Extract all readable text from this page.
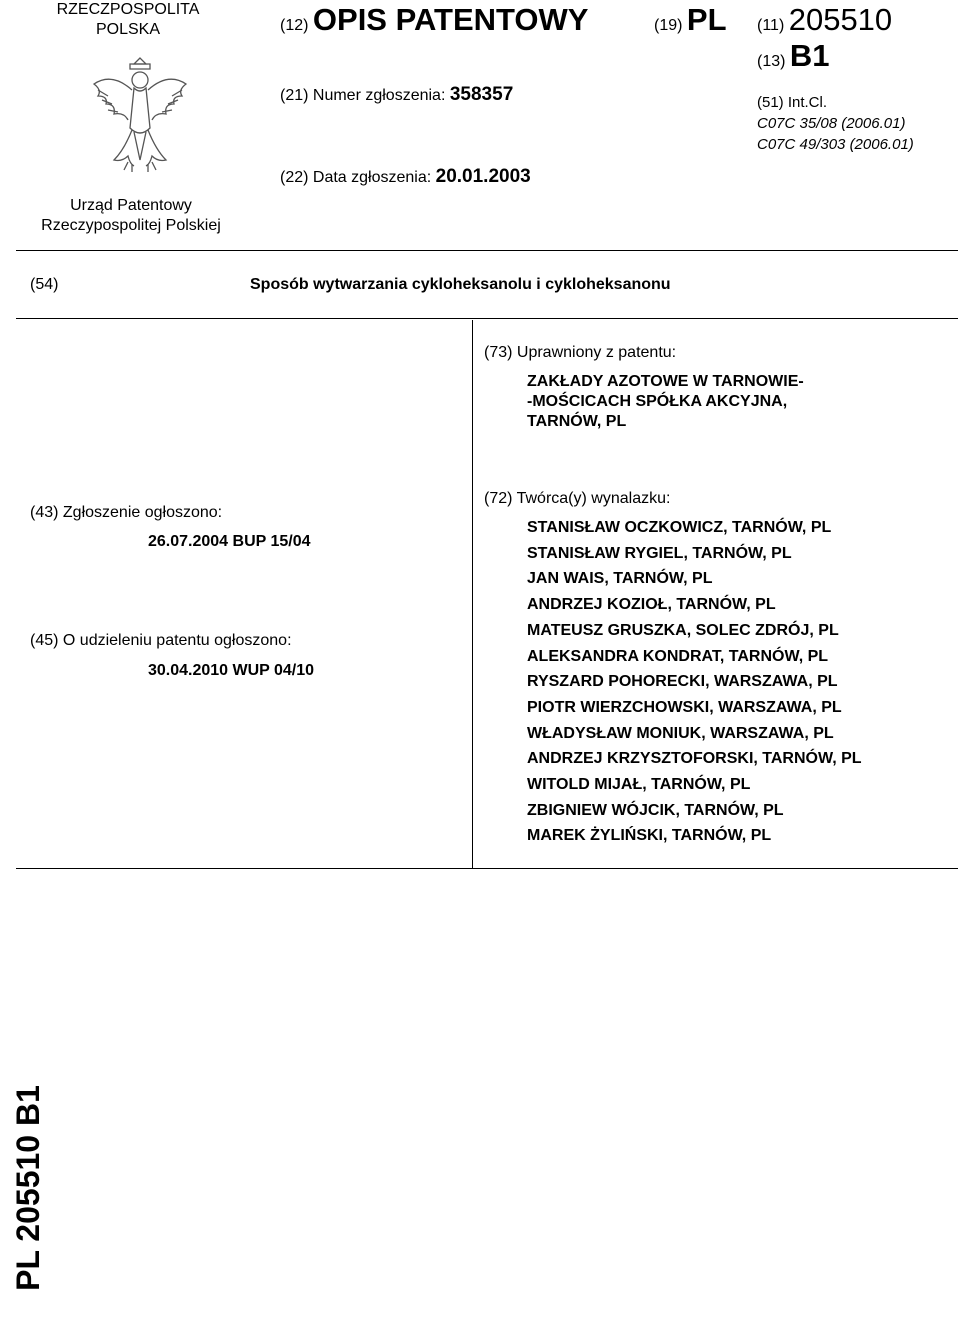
RZECZPOSPOLITA
POLSKA
Urząd Patentowy
Rzeczypospolitej Polskiej
(12) OPIS PATENTOWY	(19) PL (11) 205510
(13) B1
(21) Numer zgłoszenia: 358357
(22) Data zgłoszenia: 20.01.2003
(51) Int.Cl.
C07C 35/08 (2006.01)
C07C 49/303 (2006.01)
(54)	Sposób wytwarzania cykloheksanolu i cykloheksanonu
(73) Uprawniony z patentu:
ZAKŁADY AZOTOWE W TARNOWIE-
-MOŚCICACH SPÓŁKA AKCYJNA,
TARNÓW, PL
(43) Zgłoszenie ogłoszono:
26.07.2004 BUP 15/04
(45) O udzieleniu patentu ogłoszono:
30.04.2010 WUP 04/10
(72) Twórca(y) wynalazku:
STANISŁAW OCZKOWICZ, TARNÓW, PL
STANISŁAW RYGIEL, TARNÓW, PL
JAN WAIS, TARNÓW, PL
ANDRZEJ KOZIOŁ, TARNÓW, PL
MATEUSZ GRUSZKA, SOLEC ZDRÓJ, PL
ALEKSANDRA KONDRAT, TARNÓW, PL
RYSZARD POHORECKI, WARSZAWA, PL
PIOTR WIERZCHOWSKI, WARSZAWA, PL
WŁADYSŁAW MONIUK, WARSZAWA, PL
ANDRZEJ KRZYSZTOFORSKI, TARNÓW, PL
WITOLD MIJAŁ, TARNÓW, PL
ZBIGNIEW WÓJCIK, TARNÓW, PL
MAREK ŻYLIŃSKI, TARNÓW, PL
PL 205510 B1
